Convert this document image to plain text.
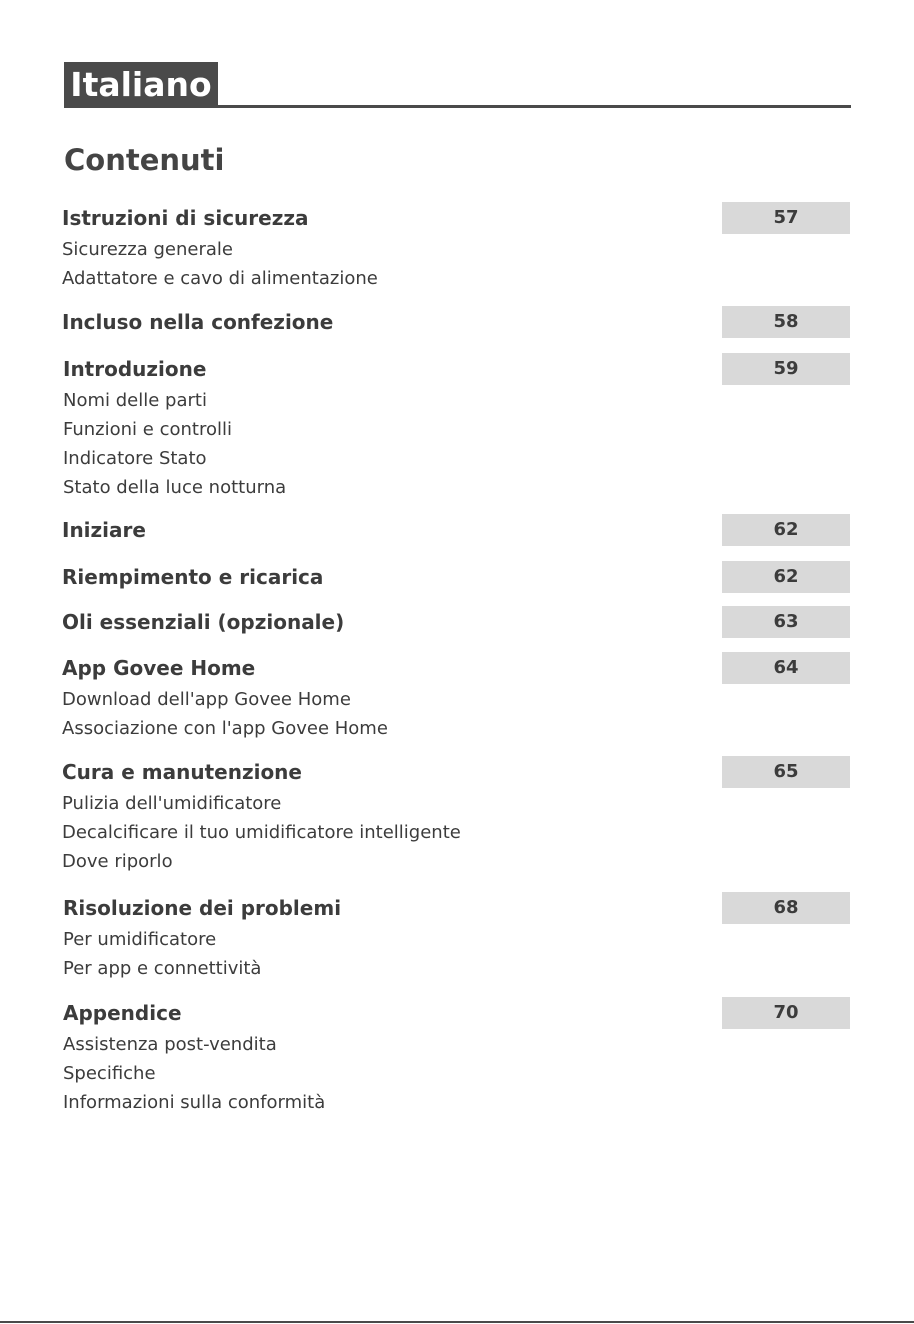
Italiano
Contenuti
Istruzioni di sicurezza	57
Sicurezza generale
Adattatore e cavo di alimentazione
Incluso nella confezione	58
Introduzione	59
Nomi delle parti
Funzioni e controlli
Indicatore Stato
Stato della luce notturna
Iniziare	62
Riempimento e ricarica	62
Oli essenziali (opzionale)	63
App Govee Home	64
Download dell'app Govee Home
Associazione con l'app Govee Home
Cura e manutenzione	65
Pulizia dell'umidificatore
Decalcificare il tuo umidificatore intelligente
Dove riporlo
Risoluzione dei problemi	68
Per umidificatore
Per app e connettività
Appendice	70
Assistenza post-vendita
Specifiche
Informazioni sulla conformità
